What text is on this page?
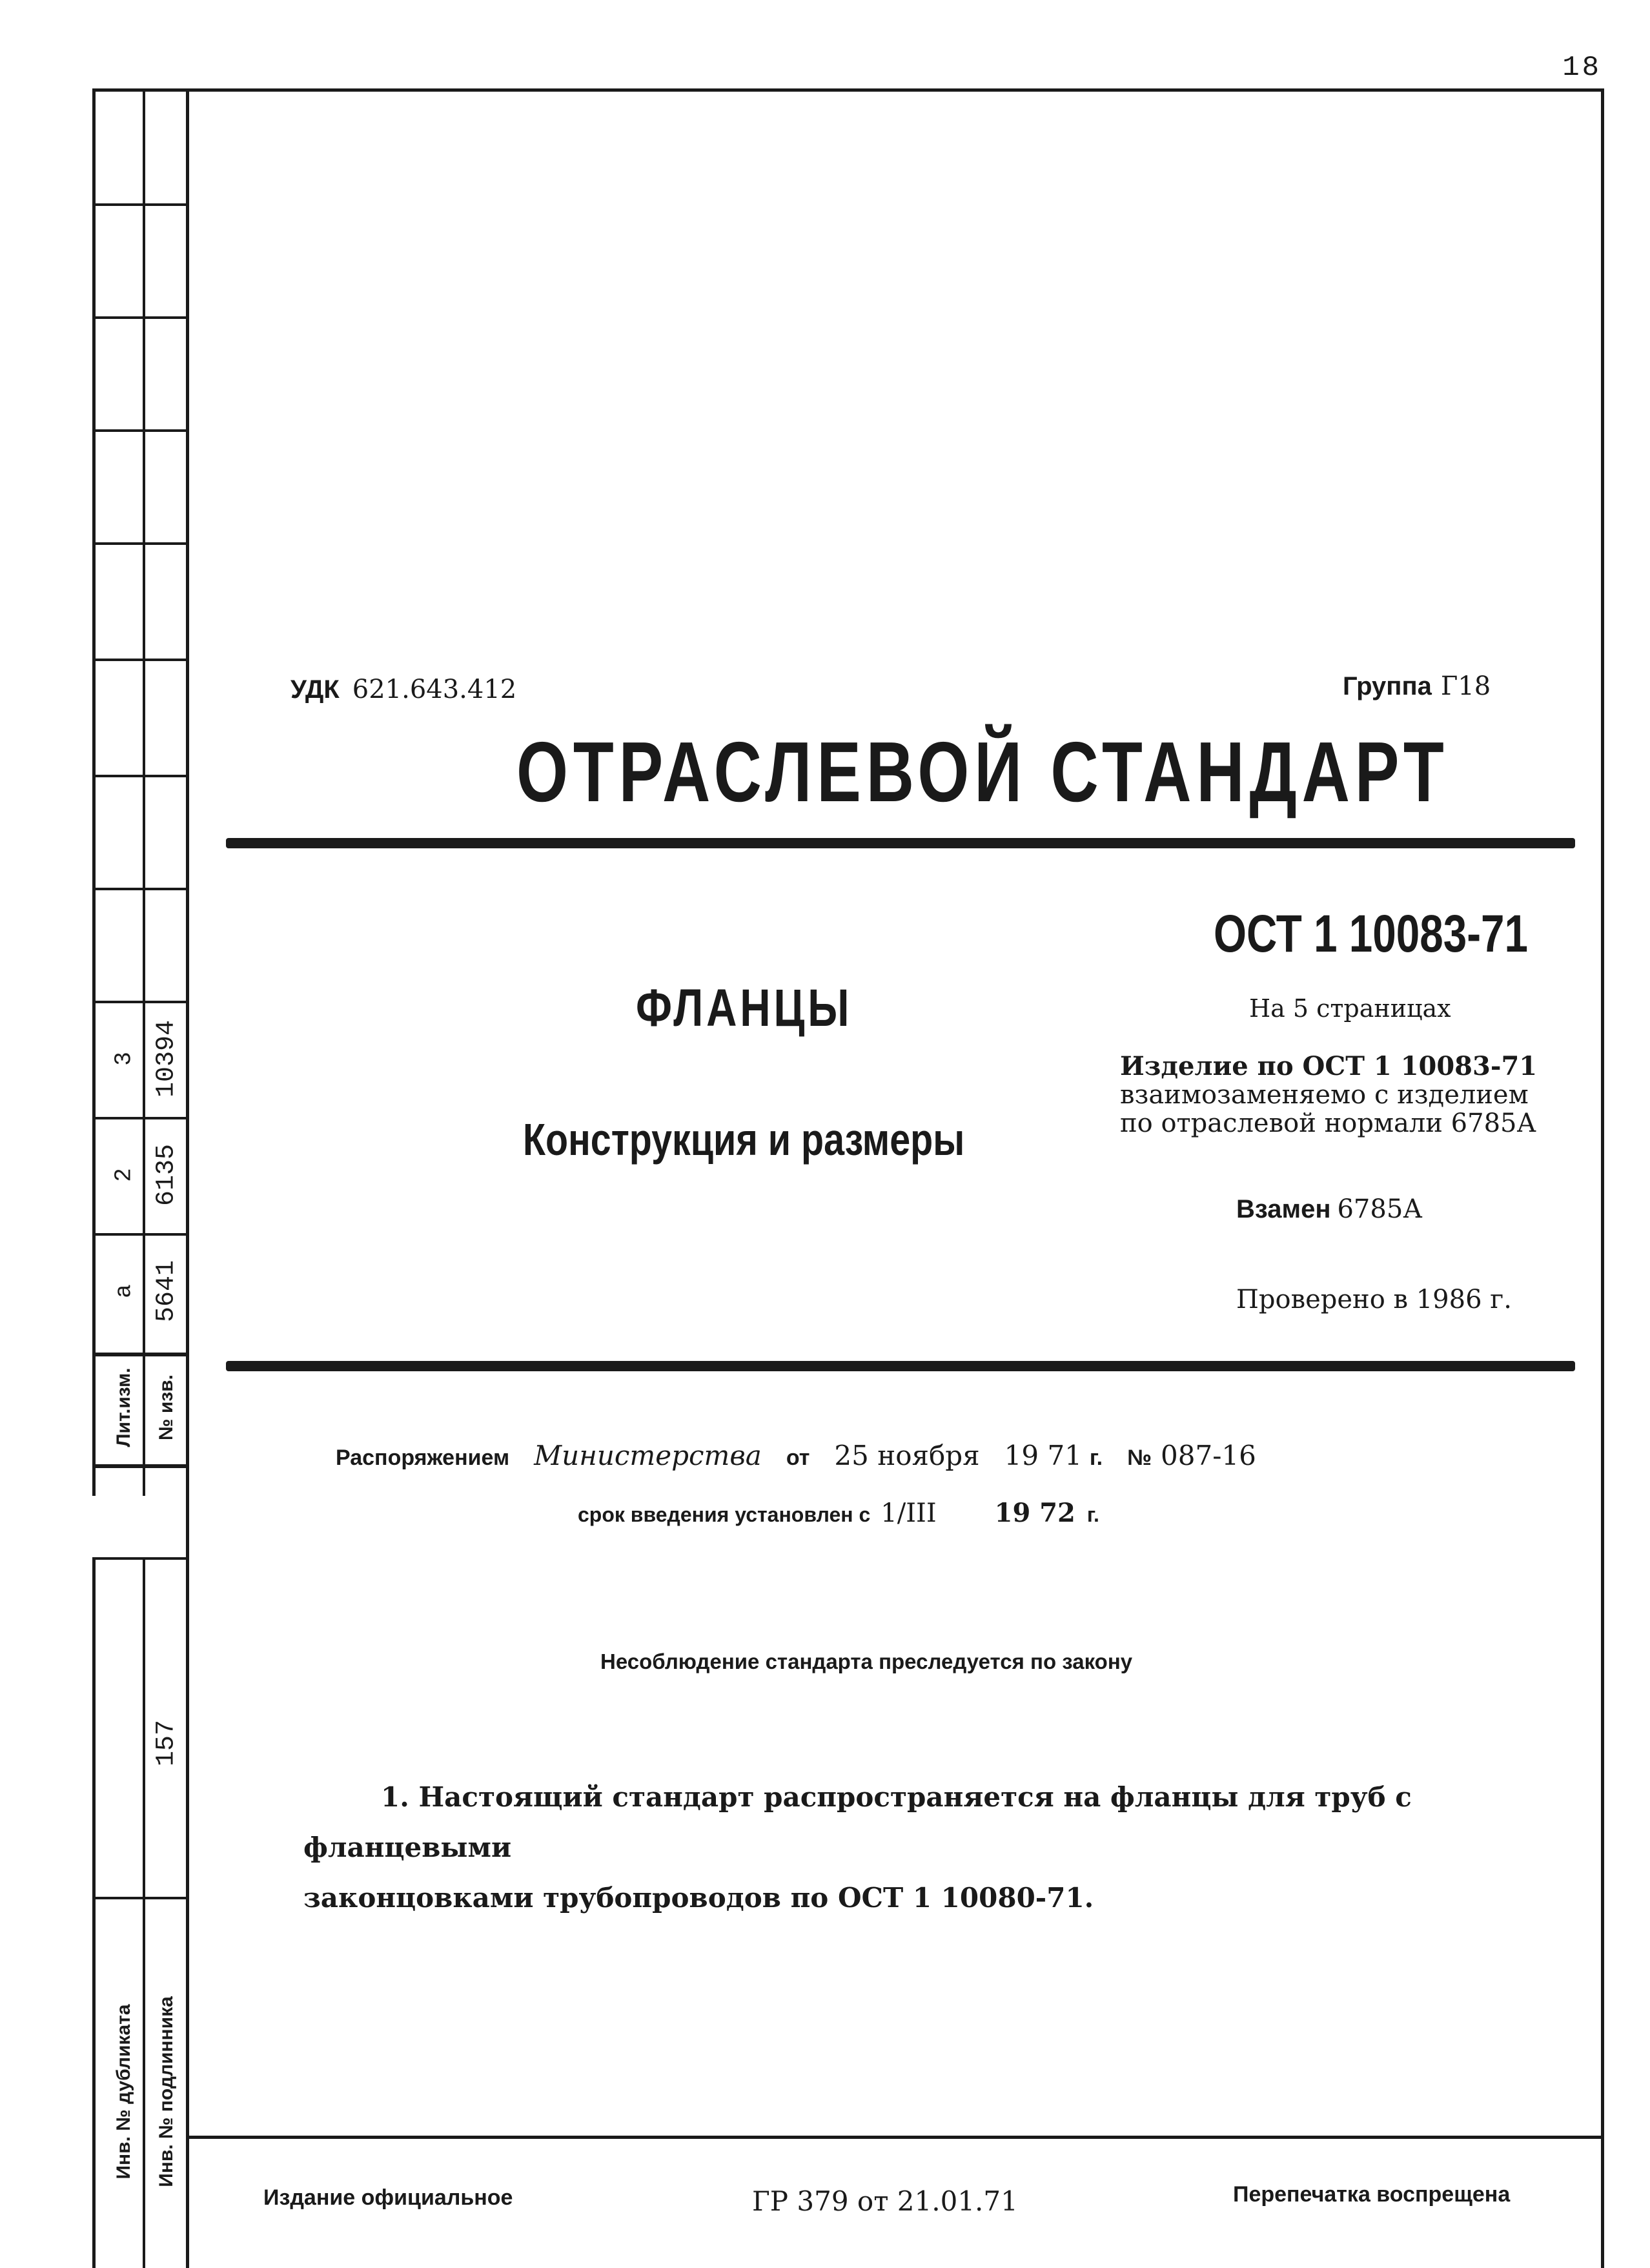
3 10394
2 6135
а 5641
Лит.изм. № изв.
157
Инв. № дубликата Инв. № подлинника
18
УДК 621.643.412	Группа Г18
ОТРАСЛЕВОЙ СТАНДАРТ
ОСТ 1 10083-71
ФЛАНЦЫ	На 5 страницах
Конструкция и размеры
Изделие по ОСТ 1 10083-71
взаимозаменяемо с изделием
по отраслевой нормали 6785А
Взамен 6785А
Проверено в 1986 г.
Распоряжением Министерства от 25 ноября 19 71 г. № 087-16
срок введения установлен с 1/III 19 72 г.
Несоблюдение стандарта преследуется по закону
1. Настоящий стандарт распространяется на фланцы для труб с фланцевыми
законцовками трубопроводов по ОСТ 1 10080-71.
Издание официальное	ГР 379 от 21.01.71	Перепечатка воспрещена
